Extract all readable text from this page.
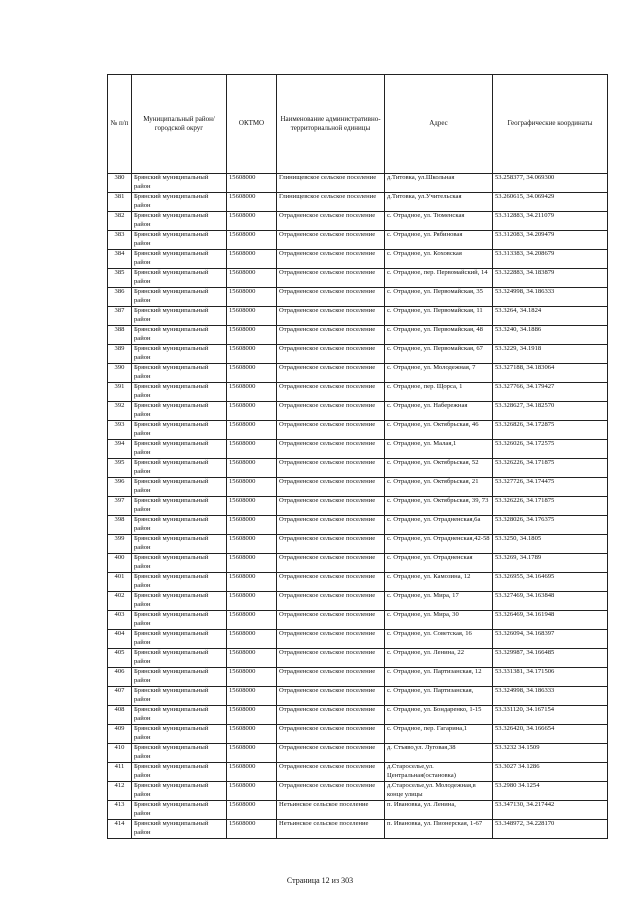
№ п/п	Муниципальный район/городской округ	ОКТМО	Наименование административно-территориальной единицы	Адрес	Географические координаты
380	Брянский муниципальный район	15608000	Глинищевское сельское поселение	д.Титовка, ул.Школьная	53.258377, 34.069300
381	Брянский муниципальный район	15608000	Глинищевское сельское поселение	д.Титовка, ул.Учительская	53.260615, 34.069429
382	Брянский муниципальный район	15608000	Отрадненское сельское поселение	с. Отрадное, ул. Тюменская	53.312883, 34.211079
383	Брянский муниципальный район	15608000	Отрадненское сельское поселение	с. Отрадное, ул. Рябиновая	53.312083, 34.209479
384	Брянский муниципальный район	15608000	Отрадненское сельское поселение	с. Отрадное, ул. Коховская	53.313383, 34.208679
385	Брянский муниципальный район	15608000	Отрадненское сельское поселение	с. Отрадное, пер. Первомайский, 14	53.322883, 34.183879
386	Брянский муниципальный район	15608000	Отрадненское сельское поселение	с. Отрадное, ул. Первомайская, 35	53.324998, 34.186333
387	Брянский муниципальный район	15608000	Отрадненское сельское поселение	с. Отрадное, ул. Первомайская, 11	53.3264, 34.1824
388	Брянский муниципальный район	15608000	Отрадненское сельское поселение	с. Отрадное, ул. Первомайская, 48	53.3240, 34.1886
389	Брянский муниципальный район	15608000	Отрадненское сельское поселение	с. Отрадное, ул. Первомайская, 67	53.3229, 34.1918
390	Брянский муниципальный район	15608000	Отрадненское сельское поселение	с. Отрадное, ул. Молодежная, 7	53.327188, 34.183064
391	Брянский муниципальный район	15608000	Отрадненское сельское поселение	с. Отрадное, пер. Щорса, 1	53.327766, 34.179427
392	Брянский муниципальный район	15608000	Отрадненское сельское поселение	с. Отрадное, ул. Набережная	53.328627, 34.182570
393	Брянский муниципальный район	15608000	Отрадненское сельское поселение	с. Отрадное, ул. Октябрьская, 46	53.326826, 34.172875
394	Брянский муниципальный район	15608000	Отрадненское сельское поселение	с. Отрадное, ул. Малая,1	53.326026, 34.172575
395	Брянский муниципальный район	15608000	Отрадненское сельское поселение	с. Отрадное, ул. Октябрьская, 52	53.326226, 34.171875
396	Брянский муниципальный район	15608000	Отрадненское сельское поселение	с. Отрадное, ул. Октябрьская, 21	53.327726, 34.174475
397	Брянский муниципальный район	15608000	Отрадненское сельское поселение	с. Отрадное, ул. Октябрьская, 39, 73	53.326226, 34.171875
398	Брянский муниципальный район	15608000	Отрадненское сельское поселение	с. Отрадное, ул. Отрадненская,6а	53.328026, 34.176375
399	Брянский муниципальный район	15608000	Отрадненское сельское поселение	с. Отрадное, ул. Отрадненская,42-58	53.3250, 34.1805
400	Брянский муниципальный район	15608000	Отрадненское сельское поселение	с. Отрадное, ул. Отрадненская	53.3269, 34.1789
401	Брянский муниципальный район	15608000	Отрадненское сельское поселение	с. Отрадное, ул. Камозина, 12	53.326955, 34.164695
402	Брянский муниципальный район	15608000	Отрадненское сельское поселение	с. Отрадное, ул. Мира, 17	53.327469, 34.163848
403	Брянский муниципальный район	15608000	Отрадненское сельское поселение	с. Отрадное, ул. Мира, 30	53.326469, 34.161948
404	Брянский муниципальный район	15608000	Отрадненское сельское поселение	с. Отрадное, ул. Советская, 16	53.326094, 34.168397
405	Брянский муниципальный район	15608000	Отрадненское сельское поселение	с. Отрадное, ул. Ленина, 22	53.329987, 34.166485
406	Брянский муниципальный район	15608000	Отрадненское сельское поселение	с. Отрадное, ул. Партизанская, 12	53.331381, 34.171506
407	Брянский муниципальный район	15608000	Отрадненское сельское поселение	с. Отрадное, ул. Партизанская,	53.324998, 34.186333
408	Брянский муниципальный район	15608000	Отрадненское сельское поселение	с. Отрадное, ул. Бондаренко, 1-15	53.331120, 34.167154
409	Брянский муниципальный район	15608000	Отрадненское сельское поселение	с. Отрадное, пер. Гагарина,1	53.326420, 34.166654
410	Брянский муниципальный район	15608000	Отрадненское сельское поселение	д. Стъяво,ул. Луговая,38	53.3232 34.1509
411	Брянский муниципальный район	15608000	Отрадненское сельское поселение	д.Староселье,ул. Центральная(остановка)	53.3027 34.1286
412	Брянский муниципальный район	15608000	Отрадненское сельское поселение	д.Староселье,ул. Молодежная,в конце улицы	53.2980 34.1254
413	Брянский муниципальный район	15608000	Нетьинское сельское поселение	п. Ивановка, ул. Ленина,	53.347130, 34.217442
414	Брянский муниципальный район	15608000	Нетьинское сельское поселение	п. Ивановка, ул. Пионерская, 1-67	53.348972, 34.228170
Страница 12 из 303
